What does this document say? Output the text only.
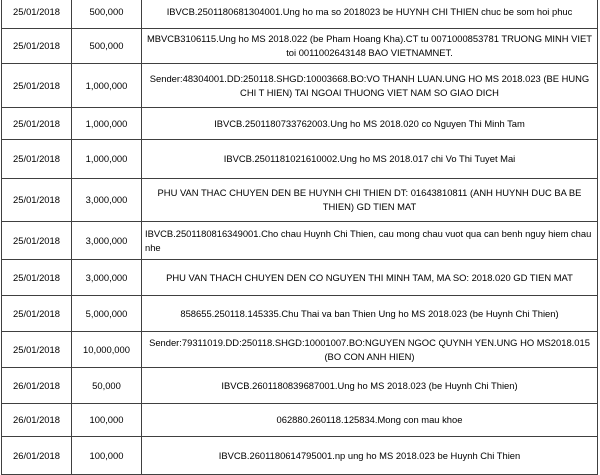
25/01/2018	500,000	IBVCB.2501180681304001.Ung ho ma so 2018023 be HUYNH CHI THIEN chuc be som hoi phuc
25/01/2018	500,000	MBVCB3106115.Ung ho MS 2018.022 (be Pham Hoang Kha).CT tu 0071000853781 TRUONG MINH VIET toi 0011002643148 BAO VIETNAMNET.
25/01/2018	1,000,000	Sender:48304001.DD:250118.SHGD:10003668.BO:VO THANH LUAN.UNG HO MS 2018.023 (BE HUNG CHI T HIEN) TAI NGOAI THUONG VIET NAM SO GIAO DICH
25/01/2018	1,000,000	IBVCB.2501180733762003.Ung ho MS 2018.020 co Nguyen Thi Minh Tam
25/01/2018	1,000,000	IBVCB.2501181021610002.Ung ho MS 2018.017 chi Vo Thi Tuyet Mai
25/01/2018	3,000,000	PHU VAN THAC CHUYEN DEN BE HUYNH CHI THIEN DT: 01643810811 (ANH HUYNH DUC BA BE THIEN) GD TIEN MAT
25/01/2018	3,000,000	IBVCB.2501180816349001.Cho chau Huynh Chi Thien, cau mong chau vuot qua can benh nguy hiem chau nhe
25/01/2018	3,000,000	PHU VAN THACH CHUYEN DEN CO NGUYEN THI MINH TAM, MA SO: 2018.020 GD TIEN MAT
25/01/2018	5,000,000	858655.250118.145335.Chu Thai va ban Thien Ung ho MS 2018.023 (be Huynh Chi Thien)
25/01/2018	10,000,000	Sender:79311019.DD:250118.SHGD:10001007.BO:NGUYEN NGOC QUYNH YEN.UNG HO MS2018.015 (BO CON ANH HIEN)
26/01/2018	50,000	IBVCB.2601180839687001.Ung ho MS 2018.023 (be Huynh Chi Thien)
26/01/2018	100,000	062880.260118.125834.Mong con mau khoe
26/01/2018	100,000	IBVCB.2601180614795001.np ung ho MS 2018.023 be Huynh Chi Thien
